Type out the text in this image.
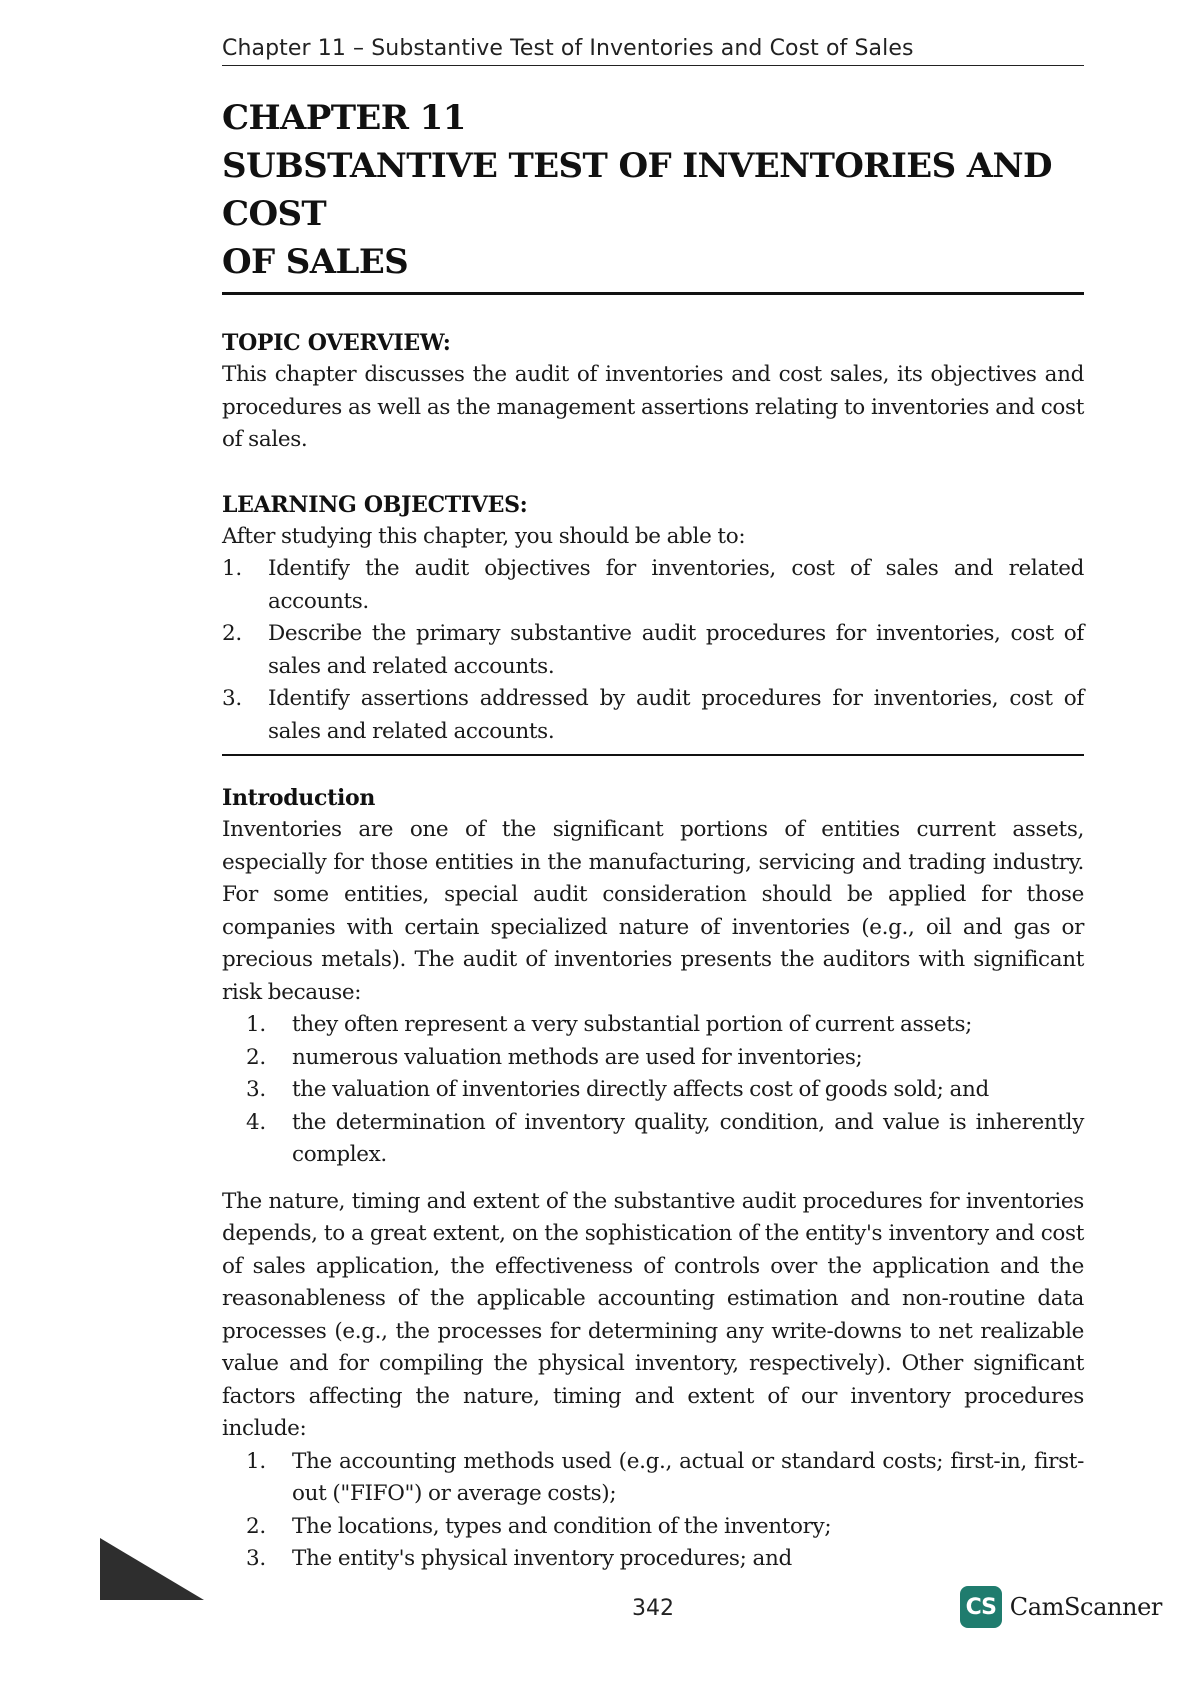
Chapter 11 – Substantive Test of Inventories and Cost of Sales
CHAPTER 11
SUBSTANTIVE TEST OF INVENTORIES AND COST
OF SALES
TOPIC OVERVIEW:
This chapter discusses the audit of inventories and cost sales, its objectives and procedures as well as the management assertions relating to inventories and cost of sales.
LEARNING OBJECTIVES:
After studying this chapter, you should be able to:
1. Identify the audit objectives for inventories, cost of sales and related accounts.
2. Describe the primary substantive audit procedures for inventories, cost of sales and related accounts.
3. Identify assertions addressed by audit procedures for inventories, cost of sales and related accounts.
Introduction
Inventories are one of the significant portions of entities current assets, especially for those entities in the manufacturing, servicing and trading industry. For some entities, special audit consideration should be applied for those companies with certain specialized nature of inventories (e.g., oil and gas or precious metals). The audit of inventories presents the auditors with significant risk because:
1. they often represent a very substantial portion of current assets;
2. numerous valuation methods are used for inventories;
3. the valuation of inventories directly affects cost of goods sold; and
4. the determination of inventory quality, condition, and value is inherently complex.
The nature, timing and extent of the substantive audit procedures for inventories depends, to a great extent, on the sophistication of the entity's inventory and cost of sales application, the effectiveness of controls over the application and the reasonableness of the applicable accounting estimation and non-routine data processes (e.g., the processes for determining any write-downs to net realizable value and for compiling the physical inventory, respectively). Other significant factors affecting the nature, timing and extent of our inventory procedures include:
1. The accounting methods used (e.g., actual or standard costs; first-in, first-out ("FIFO") or average costs);
2. The locations, types and condition of the inventory;
3. The entity's physical inventory procedures; and
342	CS CamScanner
